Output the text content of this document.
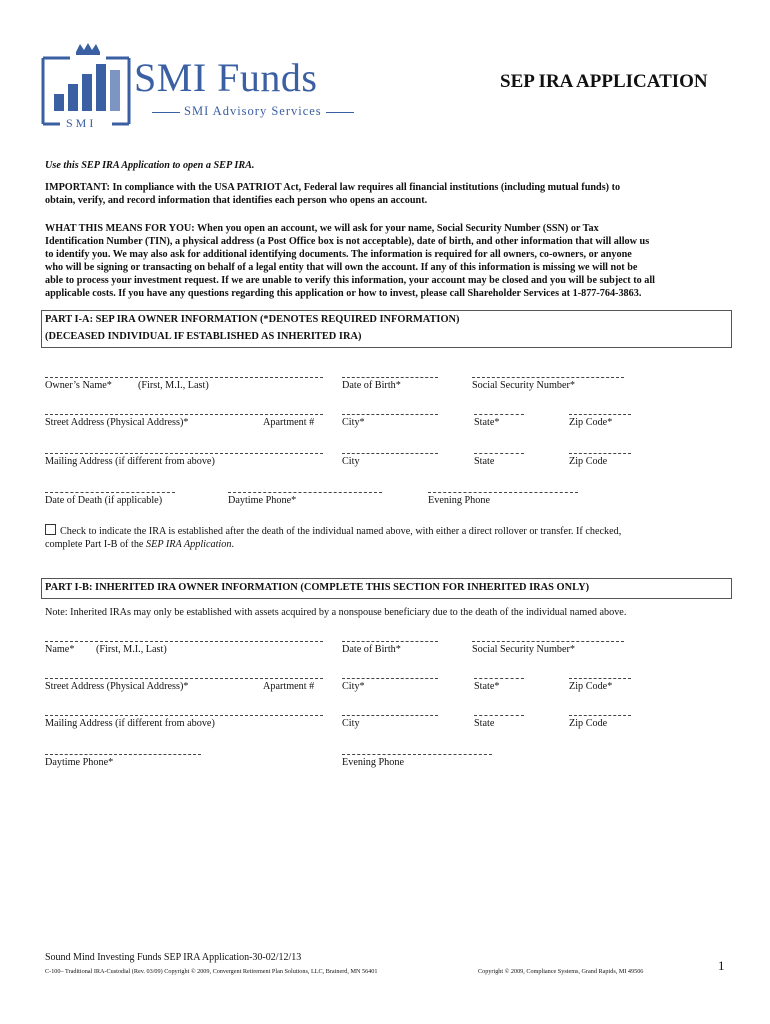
SMI
SMI Funds
SMI Advisory Services
SEP IRA APPLICATION
Use this SEP IRA Application to open a SEP IRA.
IMPORTANT: In compliance with the USA PATRIOT Act, Federal law requires all financial institutions (including mutual funds) to
obtain, verify, and record information that identifies each person who opens an account.
WHAT THIS MEANS FOR YOU: When you open an account, we will ask for your name, Social Security Number (SSN) or Tax
Identification Number (TIN), a physical address (a Post Office box is not acceptable), date of birth, and other information that will allow us
to identify you. We may also ask for additional identifying documents. The information is required for all owners, co-owners, or anyone
who will be signing or transacting on behalf of a legal entity that will own the account. If any of this information is missing we will not be
able to process your investment request. If we are unable to verify this information, your account may be closed and you will be subject to all
applicable costs. If you have any questions regarding this application or how to invest, please call Shareholder Services at 1-877-764-3863.
PART I-A: SEP IRA OWNER INFORMATION (*DENOTES REQUIRED INFORMATION)
(DECEASED INDIVIDUAL IF ESTABLISHED AS INHERITED IRA)
Owner’s Name*	(First, M.I., Last)	Date of Birth*	Social Security Number*
Street Address (Physical Address)*	Apartment #	City*	State*	Zip Code*
Mailing Address (if different from above)	City	State	Zip Code
Date of Death (if applicable)	Daytime Phone*	Evening Phone
Check to indicate the IRA is established after the death of the individual named above, with either a direct rollover or transfer. If checked,
complete Part I-B of the SEP IRA Application.
PART I-B: INHERITED IRA OWNER INFORMATION (COMPLETE THIS SECTION FOR INHERITED IRAS ONLY)
Note: Inherited IRAs may only be established with assets acquired by a nonspouse beneficiary due to the death of the individual named above.
Name* (First, M.I., Last)	Date of Birth*	Social Security Number*
Street Address (Physical Address)*	Apartment #	City*	State*	Zip Code*
Mailing Address (if different from above)	City	State	Zip Code
Daytime Phone*	Evening Phone
Sound Mind Investing Funds SEP IRA Application-30-02/12/13
C-100– Traditional IRA-Custodial (Rev. 03/09) Copyright © 2009, Convergent Retirement Plan Solutions, LLC, Brainerd, MN 56401	Copyright © 2009, Compliance Systems, Grand Rapids, MI 49506	1
